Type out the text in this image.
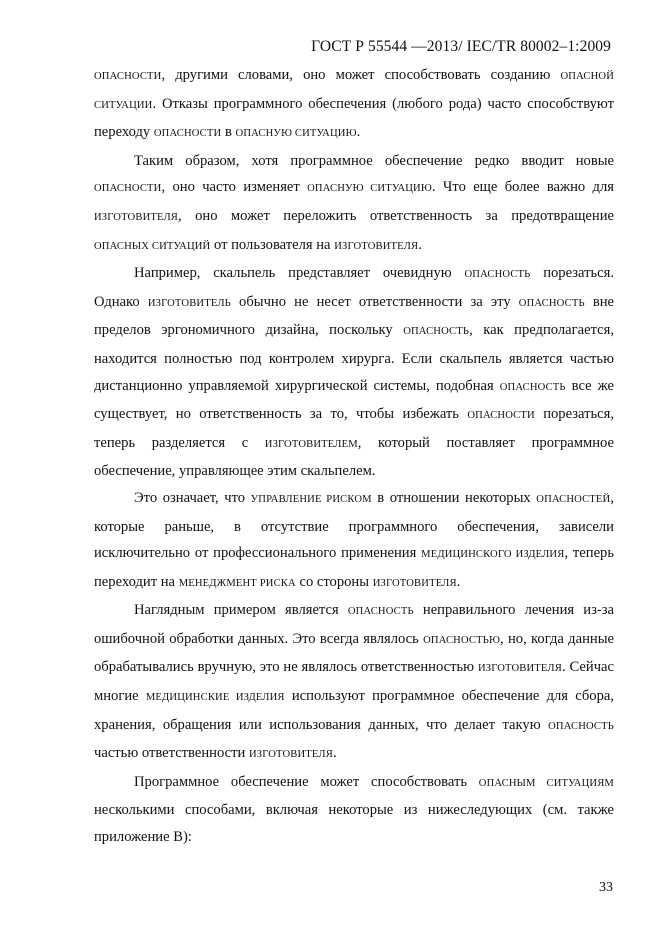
ГОСТ Р 55544 —2013/ IEC/TR 80002–1:2009

ОПАСНОСТИ, другими словами, оно может способствовать созданию ОПАСНОЙ СИТУАЦИИ. Отказы программного обеспечения (любого рода) часто способствуют переходу ОПАСНОСТИ в ОПАСНУЮ СИТУАЦИЮ.

Таким образом, хотя программное обеспечение редко вводит новые ОПАСНОСТИ, оно часто изменяет ОПАСНУЮ СИТУАЦИЮ. Что еще более важно для ИЗГОТОВИТЕЛЯ, оно может переложить ответственность за предотвращение ОПАСНЫХ СИТУАЦИЙ от пользователя на ИЗГОТОВИТЕЛЯ.

Например, скальпель представляет очевидную ОПАСНОСТЬ порезаться. Однако ИЗГОТОВИТЕЛЬ обычно не несет ответственности за эту ОПАСНОСТЬ вне пределов эргономичного дизайна, поскольку ОПАСНОСТЬ, как предполагается, находится полностью под контролем хирурга. Если скальпель является частью дистанционно управляемой хирургической системы, подобная ОПАСНОСТЬ все же существует, но ответственность за то, чтобы избежать ОПАСНОСТИ порезаться, теперь разделяется с ИЗГОТОВИТЕЛЕМ, который поставляет программное обеспечение, управляющее этим скальпелем.

Это означает, что УПРАВЛЕНИЕ РИСКОМ в отношении некоторых ОПАСНОСТЕЙ, которые раньше, в отсутствие программного обеспечения, зависели исключительно от профессионального применения МЕДИЦИНСКОГО ИЗДЕЛИЯ, теперь переходит на МЕНЕДЖМЕНТ РИСКА со стороны ИЗГОТОВИТЕЛЯ.

Наглядным примером является ОПАСНОСТЬ неправильного лечения из-за ошибочной обработки данных. Это всегда являлось ОПАСНОСТЬЮ, но, когда данные обрабатывались вручную, это не являлось ответственностью ИЗГОТОВИТЕЛЯ. Сейчас многие МЕДИЦИНСКИЕ ИЗДЕЛИЯ используют программное обеспечение для сбора, хранения, обращения или использования данных, что делает такую ОПАСНОСТЬ частью ответственности ИЗГОТОВИТЕЛЯ.

Программное обеспечение может способствовать ОПАСНЫМ СИТУАЦИЯМ несколькими способами, включая некоторые из нижеследующих (см. также приложение B):

33
